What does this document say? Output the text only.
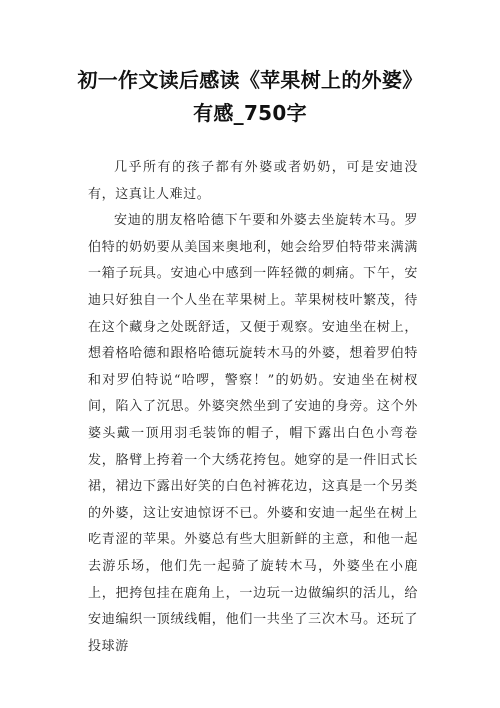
初一作文读后感读《苹果树上的外婆》
有感_750字

几乎所有的孩子都有外婆或者奶奶，可是安迪没有，这真让人难过。

安迪的朋友格哈德下午要和外婆去坐旋转木马。罗伯特的奶奶要从美国来奥地利，她会给罗伯特带来满满一箱子玩具。安迪心中感到一阵轻微的刺痛。下午，安迪只好独自一个人坐在苹果树上。苹果树枝叶繁茂，待在这个藏身之处既舒适，又便于观察。安迪坐在树上，想着格哈德和跟格哈德玩旋转木马的外婆，想着罗伯特和对罗伯特说“哈啰，警察！”的奶奶。安迪坐在树杈间，陷入了沉思。外婆突然坐到了安迪的身旁。这个外婆头戴一顶用羽毛装饰的帽子，帽下露出白色小弯卷发，胳臂上挎着一个大绣花挎包。她穿的是一件旧式长裙，裙边下露出好笑的白色衬裤花边，这真是一个另类的外婆，这让安迪惊讶不已。外婆和安迪一起坐在树上吃青涩的苹果。外婆总有些大胆新鲜的主意，和他一起去游乐场，他们先一起骑了旋转木马，外婆坐在小鹿上，把挎包挂在鹿角上，一边玩一边做编织的活儿，给安迪编织一顶绒线帽，他们一共坐了三次木马。还玩了投球游
